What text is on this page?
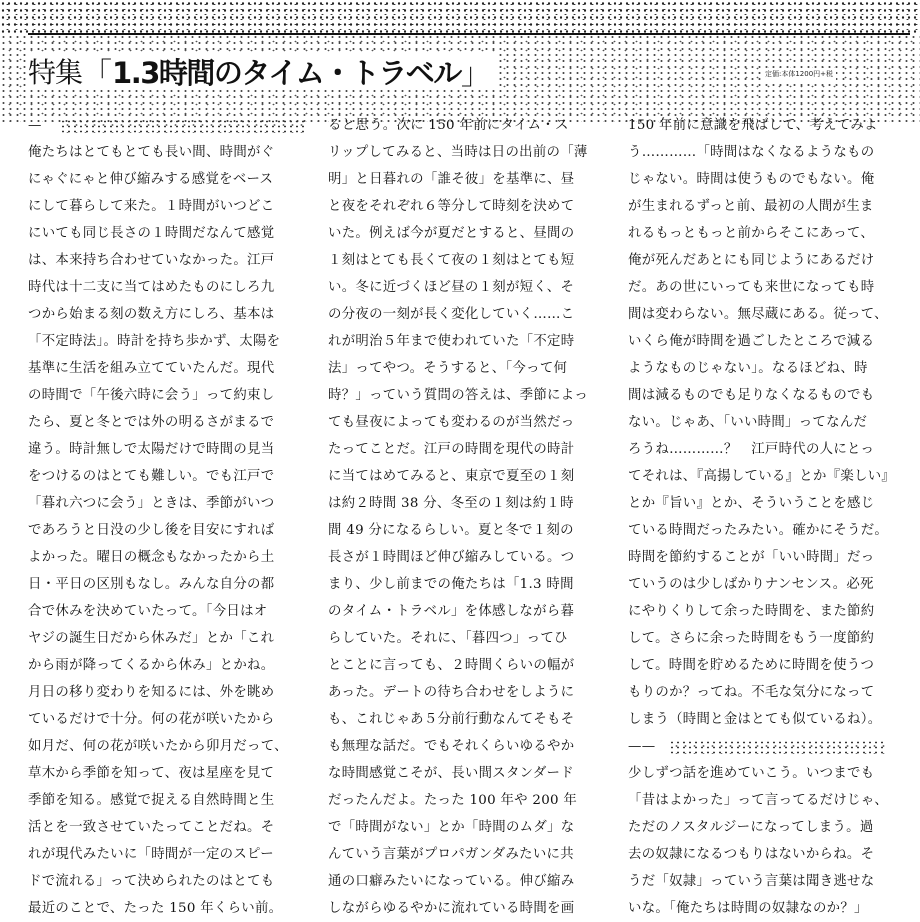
特集 「 1.3時間のタイム・トラベル 」	定価:本体1200円+税
—
俺たちはとてもとても長い間、時間がぐ
にゃぐにゃと伸び縮みする感覚をベース
にして暮らして来た。１時間がいつどこ
にいても同じ長さの１時間だなんて感覚
は、本来持ち合わせていなかった。江戸
時代は十二支に当てはめたものにしろ九
つから始まる刻の数え方にしろ、基本は
「不定時法」。時計を持ち歩かず、太陽を
基準に生活を組み立てていたんだ。現代
の時間で「午後六時に会う」って約束し
たら、夏と冬とでは外の明るさがまるで
違う。時計無しで太陽だけで時間の見当
をつけるのはとても難しい。でも江戸で
「暮れ六つに会う」ときは、季節がいつ
であろうと日没の少し後を目安にすれば
よかった。曜日の概念もなかったから土
日・平日の区別もなし。みんな自分の都
合で休みを決めていたって。「今日はオ
ヤジの誕生日だから休みだ」とか「これ
から雨が降ってくるから休み」とかね。
月日の移り変わりを知るには、外を眺め
ているだけで十分。何の花が咲いたから
如月だ、何の花が咲いたから卯月だって、
草木から季節を知って、夜は星座を見て
季節を知る。感覚で捉える自然時間と生
活とを一致させていたってことだね。そ
れが現代みたいに「時間が一定のスピー
ドで流れる」って決められたのはとても
最近のことで、たった 150 年くらい前。
ると思う。次に 150 年前にタイム・ス
リップしてみると、当時は日の出前の「薄
明」と日暮れの「誰そ彼」を基準に、昼
と夜をそれぞれ６等分して時刻を決めて
いた。例えば今が夏だとすると、昼間の
１刻はとても長くて夜の１刻はとても短
い。冬に近づくほど昼の１刻が短く、そ
の分夜の一刻が長く変化していく……こ
れが明治５年まで使われていた「不定時
法」ってやつ。そうすると、「今って何
時？」っていう質問の答えは、季節によっ
ても昼夜によっても変わるのが当然だっ
たってことだ。江戸の時間を現代の時計
に当てはめてみると、東京で夏至の１刻
は約２時間 38 分、冬至の１刻は約１時
間 49 分になるらしい。夏と冬で１刻の
長さが１時間ほど伸び縮みしている。つ
まり、少し前までの俺たちは「1.3 時間
のタイム・トラベル」を体感しながら暮
らしていた。それに、「暮四つ」ってひ
とことに言っても、２時間くらいの幅が
あった。デートの待ち合わせをしように
も、これじゃあ５分前行動なんてそもそ
も無理な話だ。でもそれくらいゆるやか
な時間感覚こそが、長い間スタンダード
だったんだよ。たった 100 年や 200 年
で「時間がない」とか「時間のムダ」な
んていう言葉がプロパガンダみたいに共
通の口癖みたいになっている。伸び縮み
しながらゆるやかに流れている時間を画
150 年前に意識を飛ばして、考えてみよ
う…………「時間はなくなるようなもの
じゃない。時間は使うものでもない。俺
が生まれるずっと前、最初の人間が生ま
れるもっともっと前からそこにあって、
俺が死んだあとにも同じようにあるだけ
だ。あの世にいっても来世になっても時
間は変わらない。無尽蔵にある。従って、
いくら俺が時間を過ごしたところで減る
ようなものじゃない」。なるほどね、時
間は減るものでも足りなくなるものでも
ない。じゃあ、「いい時間」ってなんだ
ろうね…………？　江戸時代の人にとっ
てそれは、『高揚している』とか『楽しい』
とか『旨い』とか、そういうことを感じ
ている時間だったみたい。確かにそうだ。
時間を節約することが「いい時間」だっ
ていうのは少しばかりナンセンス。必死
にやりくりして余った時間を、また節約
して。さらに余った時間をもう一度節約
して。時間を貯めるために時間を使うつ
もりのか？ってね。不毛な気分になって
しまう（時間と金はとても似ているね）。
——
少しずつ話を進めていこう。いつまでも
「昔はよかった」って言ってるだけじゃ、
ただのノスタルジーになってしまう。過
去の奴隷になるつもりはないからね。そ
うだ「奴隷」っていう言葉は聞き逃せな
いな。「俺たちは時間の奴隷なのか？」
